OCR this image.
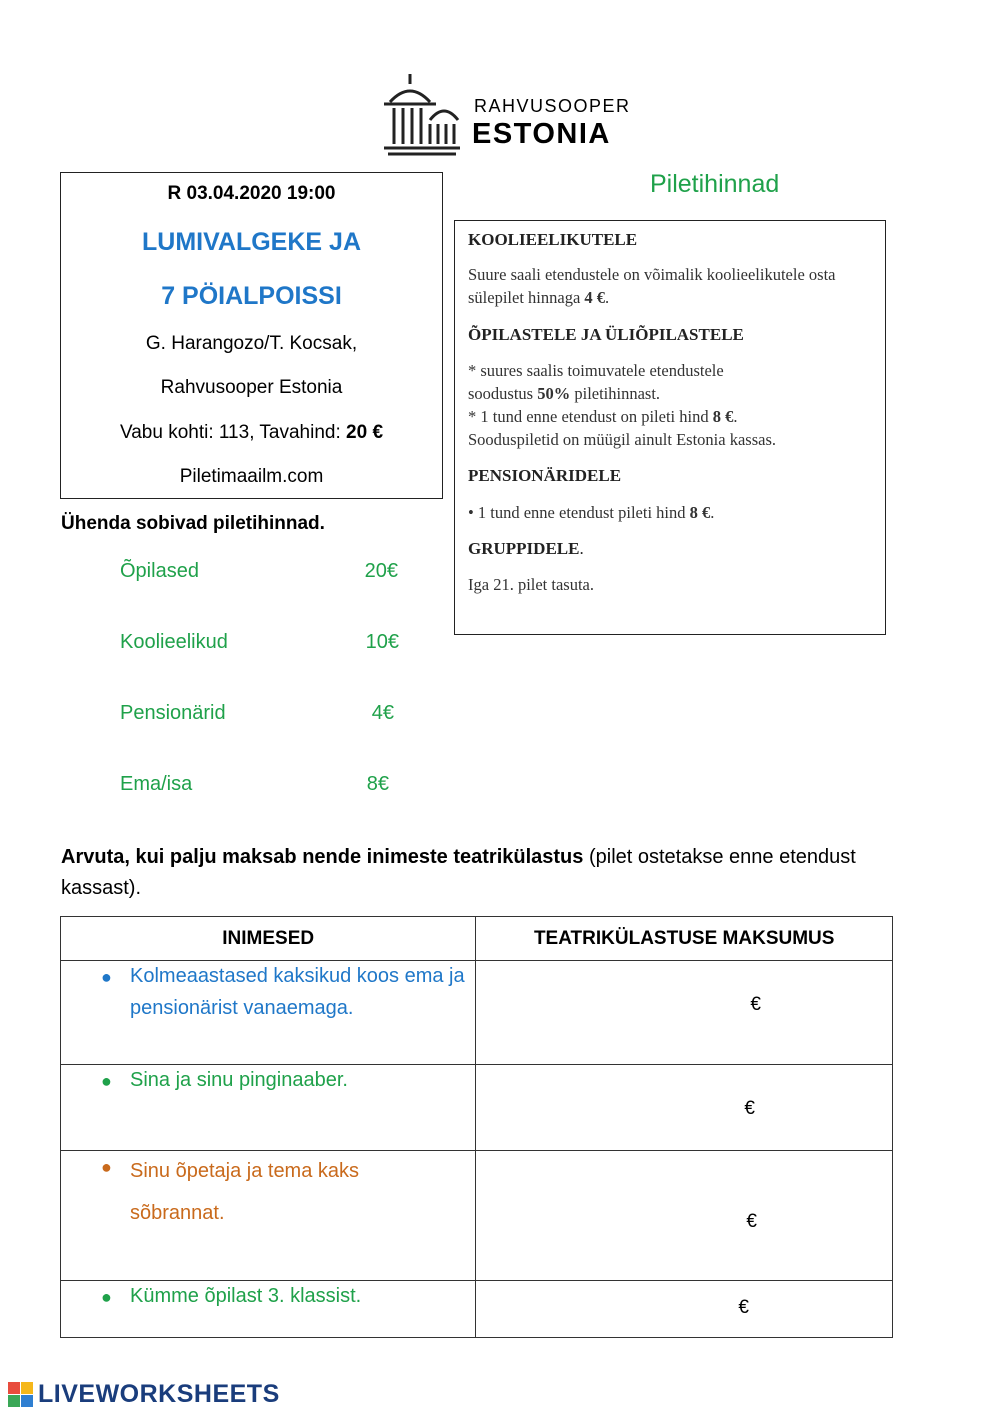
RAHVUSOOPER
ESTONIA
R 03.04.2020 19:00
LUMIVALGEKE JA
7 PÖIALPOISSI
G. Harangozo/T. Kocsak,
Rahvusooper Estonia
Vabu kohti: 113, Tavahind: 20 €
Piletimaailm.com
Piletihinnad
KOOLIEELIKUTELE
Suure saali etendustele on võimalik koolieelikutele osta sülepilet hinnaga 4 €.
ÕPILASTELE JA ÜLIÕPILASTELE
* suures saalis toimuvatele etendustele
soodustus 50% piletihinnast.
* 1 tund enne etendust on pileti hind 8 €.
Sooduspiletid on müügil ainult Estonia kassas.
PENSIONÄRIDELE
• 1 tund enne etendust pileti hind 8 €.
GRUPPIDELE.
Iga 21. pilet tasuta.
Ühenda sobivad piletihinnad.
Õpilased	20€
Koolieelikud	10€
Pensionärid	4€
Ema/isa	8€
Arvuta, kui palju maksab nende inimeste teatrikülastus (pilet ostetakse enne etendust kassast).
INIMESED	TEATRIKÜLASTUSE MAKSUMUS

● Kolmeaastased kaksikud koos ema ja pensionärist vanaemaga.	€

● Sina ja sinu pinginaaber.	€

● Sinu õpetaja ja tema kaks sõbrannat.	€

● Kümme õpilast 3. klassist.	€
LIVEWORKSHEETS
